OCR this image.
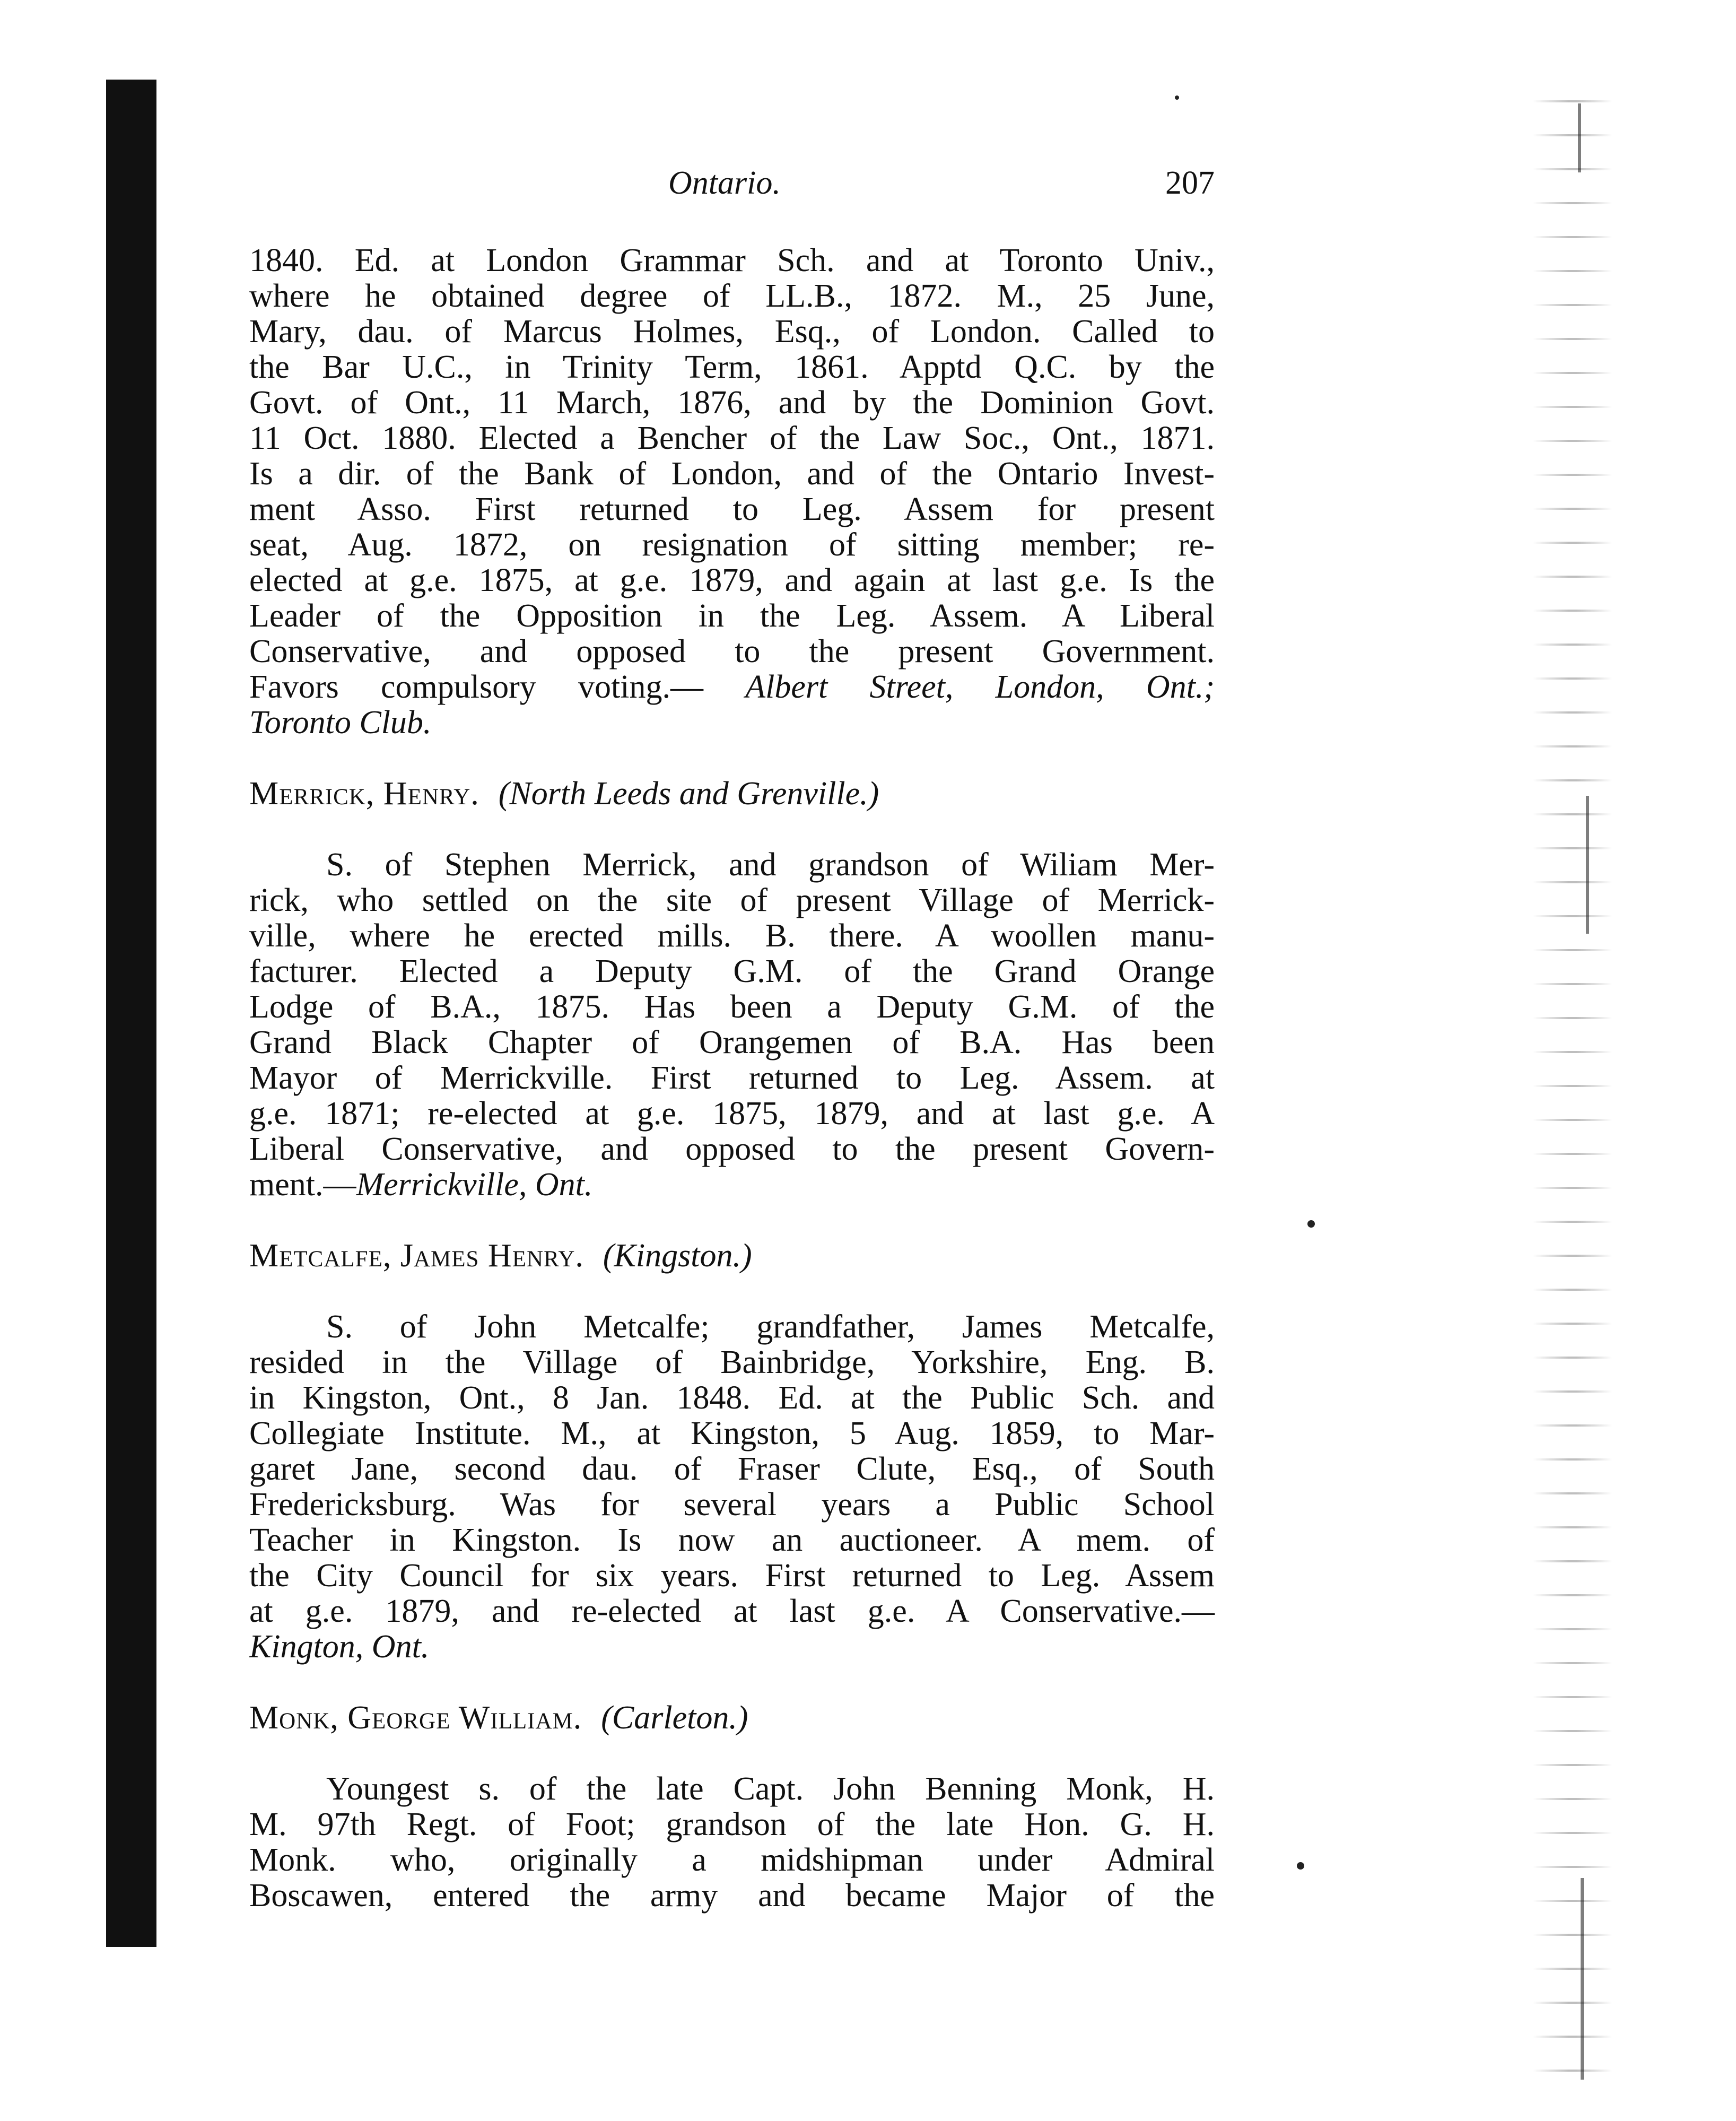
Ontario.	207
1840. Ed. at London Grammar Sch. and at Toronto Univ.,
where he obtained degree of LL.B., 1872. M., 25 June,
Mary, dau. of Marcus Holmes, Esq., of London. Called to
the Bar U.C., in Trinity Term, 1861. Apptd Q.C. by the
Govt. of Ont., 11 March, 1876, and by the Dominion Govt.
11 Oct. 1880. Elected a Bencher of the Law Soc., Ont., 1871.
Is a dir. of the Bank of London, and of the Ontario Invest-
ment Asso. First returned to Leg. Assem for present
seat, Aug. 1872, on resignation of sitting member; re-
elected at g.e. 1875, at g.e. 1879, and again at last g.e. Is the
Leader of the Opposition in the Leg. Assem. A Liberal
Conservative, and opposed to the present Government.
Favors compulsory voting.— Albert Street, London, Ont.;
Toronto Club.
Merrick, Henry. (North Leeds and Grenville.)
S. of Stephen Merrick, and grandson of Wiliam Mer-
rick, who settled on the site of present Village of Merrick-
ville, where he erected mills. B. there. A woollen manu-
facturer. Elected a Deputy G.M. of the Grand Orange
Lodge of B.A., 1875. Has been a Deputy G.M. of the
Grand Black Chapter of Orangemen of B.A. Has been
Mayor of Merrickville. First returned to Leg. Assem. at
g.e. 1871; re-elected at g.e. 1875, 1879, and at last g.e. A
Liberal Conservative, and opposed to the present Govern-
ment.—Merrickville, Ont.
Metcalfe, James Henry. (Kingston.)
S. of John Metcalfe; grandfather, James Metcalfe,
resided in the Village of Bainbridge, Yorkshire, Eng. B.
in Kingston, Ont., 8 Jan. 1848. Ed. at the Public Sch. and
Collegiate Institute. M., at Kingston, 5 Aug. 1859, to Mar-
garet Jane, second dau. of Fraser Clute, Esq., of South
Fredericksburg. Was for several years a Public School
Teacher in Kingston. Is now an auctioneer. A mem. of
the City Council for six years. First returned to Leg. Assem
at g.e. 1879, and re-elected at last g.e. A Conservative.—
Kington, Ont.
Monk, George William. (Carleton.)
Youngest s. of the late Capt. John Benning Monk, H.
M. 97th Regt. of Foot; grandson of the late Hon. G. H.
Monk. who, originally a midshipman under Admiral
Boscawen, entered the army and became Major of the
